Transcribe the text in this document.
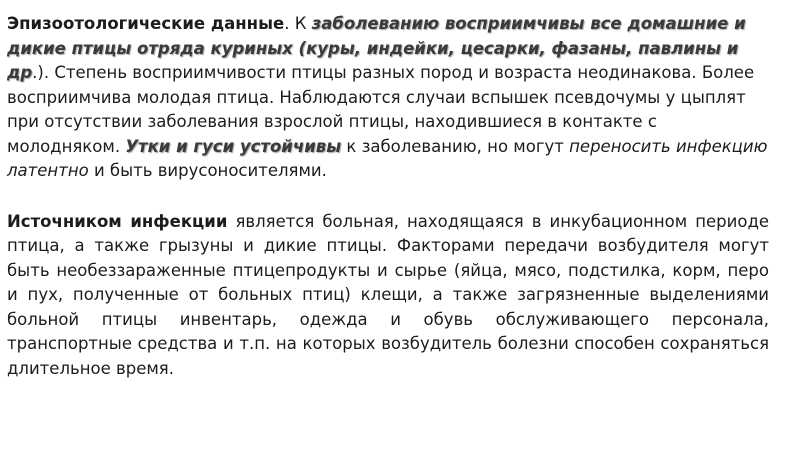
Эпизоотологические данные. К заболеванию восприимчивы все домашние и дикие птицы отряда куриных (куры, индейки, цесарки, фазаны, павлины и др.). Степень восприимчивости птицы разных пород и возраста неодинакова. Более восприимчива молодая птица. Наблюдаются случаи вспышек псевдочумы у цыплят при отсутствии заболевания взрослой птицы, находившиеся в контакте с молодняком. Утки и гуси устойчивы к заболеванию, но могут переносить инфекцию латентно и быть вирусоносителями.
Источником инфекции является больная, находящаяся в инкубационном периоде птица, а также грызуны и дикие птицы. Факторами передачи возбудителя могут быть необеззараженные птицепродукты и сырье (яйца, мясо, подстилка, корм, перо и пух, полученные от больных птиц) клещи, а также загрязненные выделениями больной птицы инвентарь, одежда и обувь обслуживающего персонала, транспортные средства и т.п. на которых возбудитель болезни способен сохраняться длительное время.
